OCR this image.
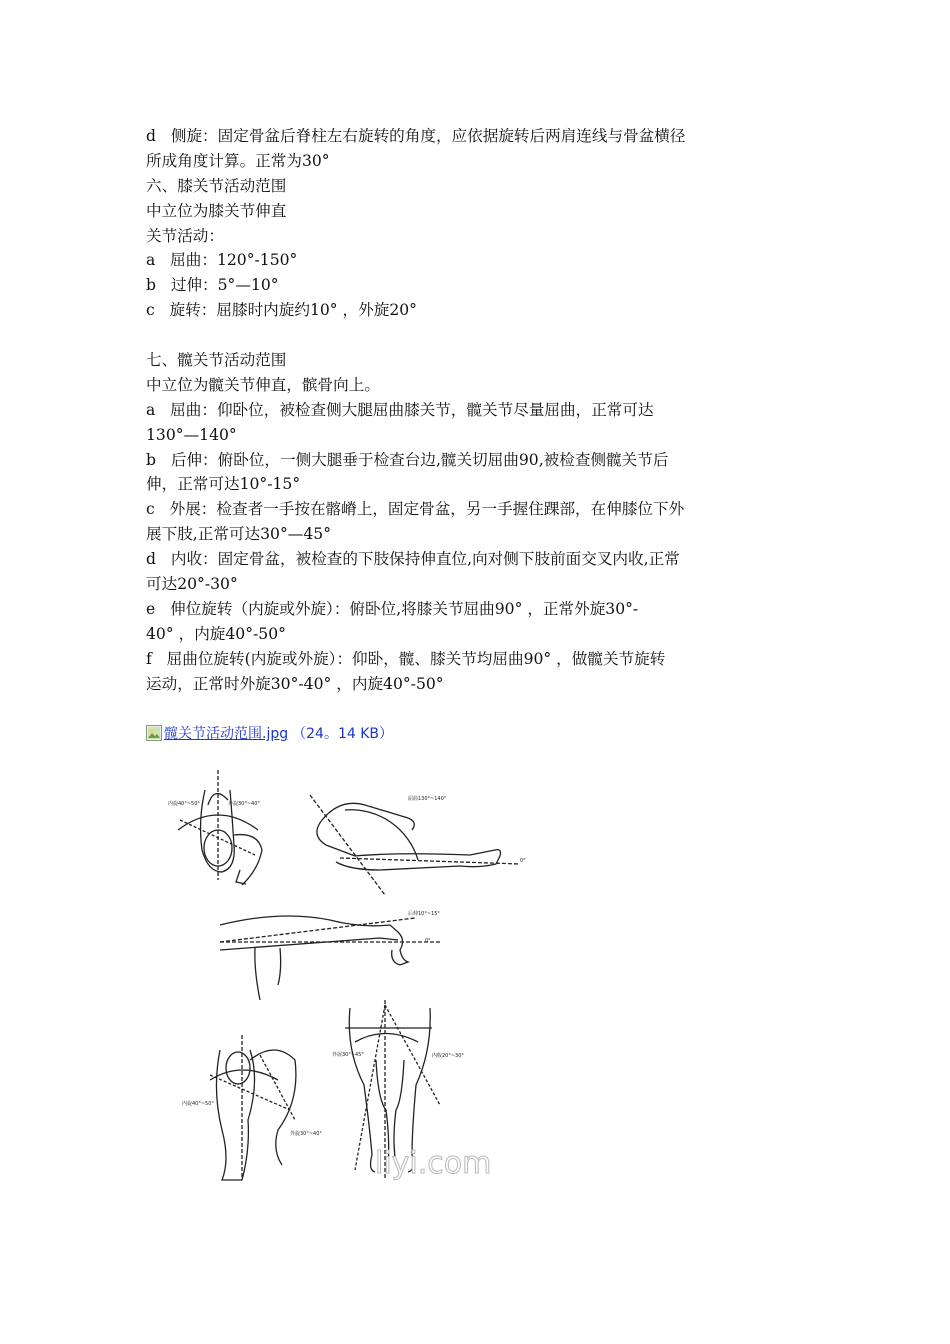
d   侧旋：固定骨盆后脊柱左右旋转的角度，应依据旋转后两肩连线与骨盆横径
所成角度计算。正常为30°
六、膝关节活动范围
中立位为膝关节伸直
关节活动：
a   屈曲：120°-150°
b   过伸：5°—10°
c   旋转：屈膝时内旋约10° ，外旋20°
七、髋关节活动范围
中立位为髋关节伸直，髌骨向上。
a   屈曲：仰卧位，被检查侧大腿屈曲膝关节，髋关节尽量屈曲，正常可达
130°—140°
b   后伸：俯卧位，一侧大腿垂于检查台边,髋关切屈曲90,被检查侧髋关节后
伸，正常可达10°-15°
c   外展：检查者一手按在髂嵴上，固定骨盆，另一手握住踝部，在伸膝位下外
展下肢,正常可达30°—45°
d   内收：固定骨盆，被检查的下肢保持伸直位,向对侧下肢前面交叉内收,正常
可达20°-30°
e   伸位旋转（内旋或外旋）：俯卧位,将膝关节屈曲90° ，正常外旋30°-
40° ，内旋40°-50°
f   屈曲位旋转(内旋或外旋）：仰卧，髋、膝关节均屈曲90° ，做髋关节旋转
运动，正常时外旋30°-40° ，内旋40°-50°
髋关节活动范围.jpg （24。14 KB）
内旋40°~50°	外旋30°~40°
屈曲130°~140°
0°
后伸10°~15°
0°
外展30°~45°	内收20°~30°
内旋40°~50°
外旋30°~40°
liyi.com
